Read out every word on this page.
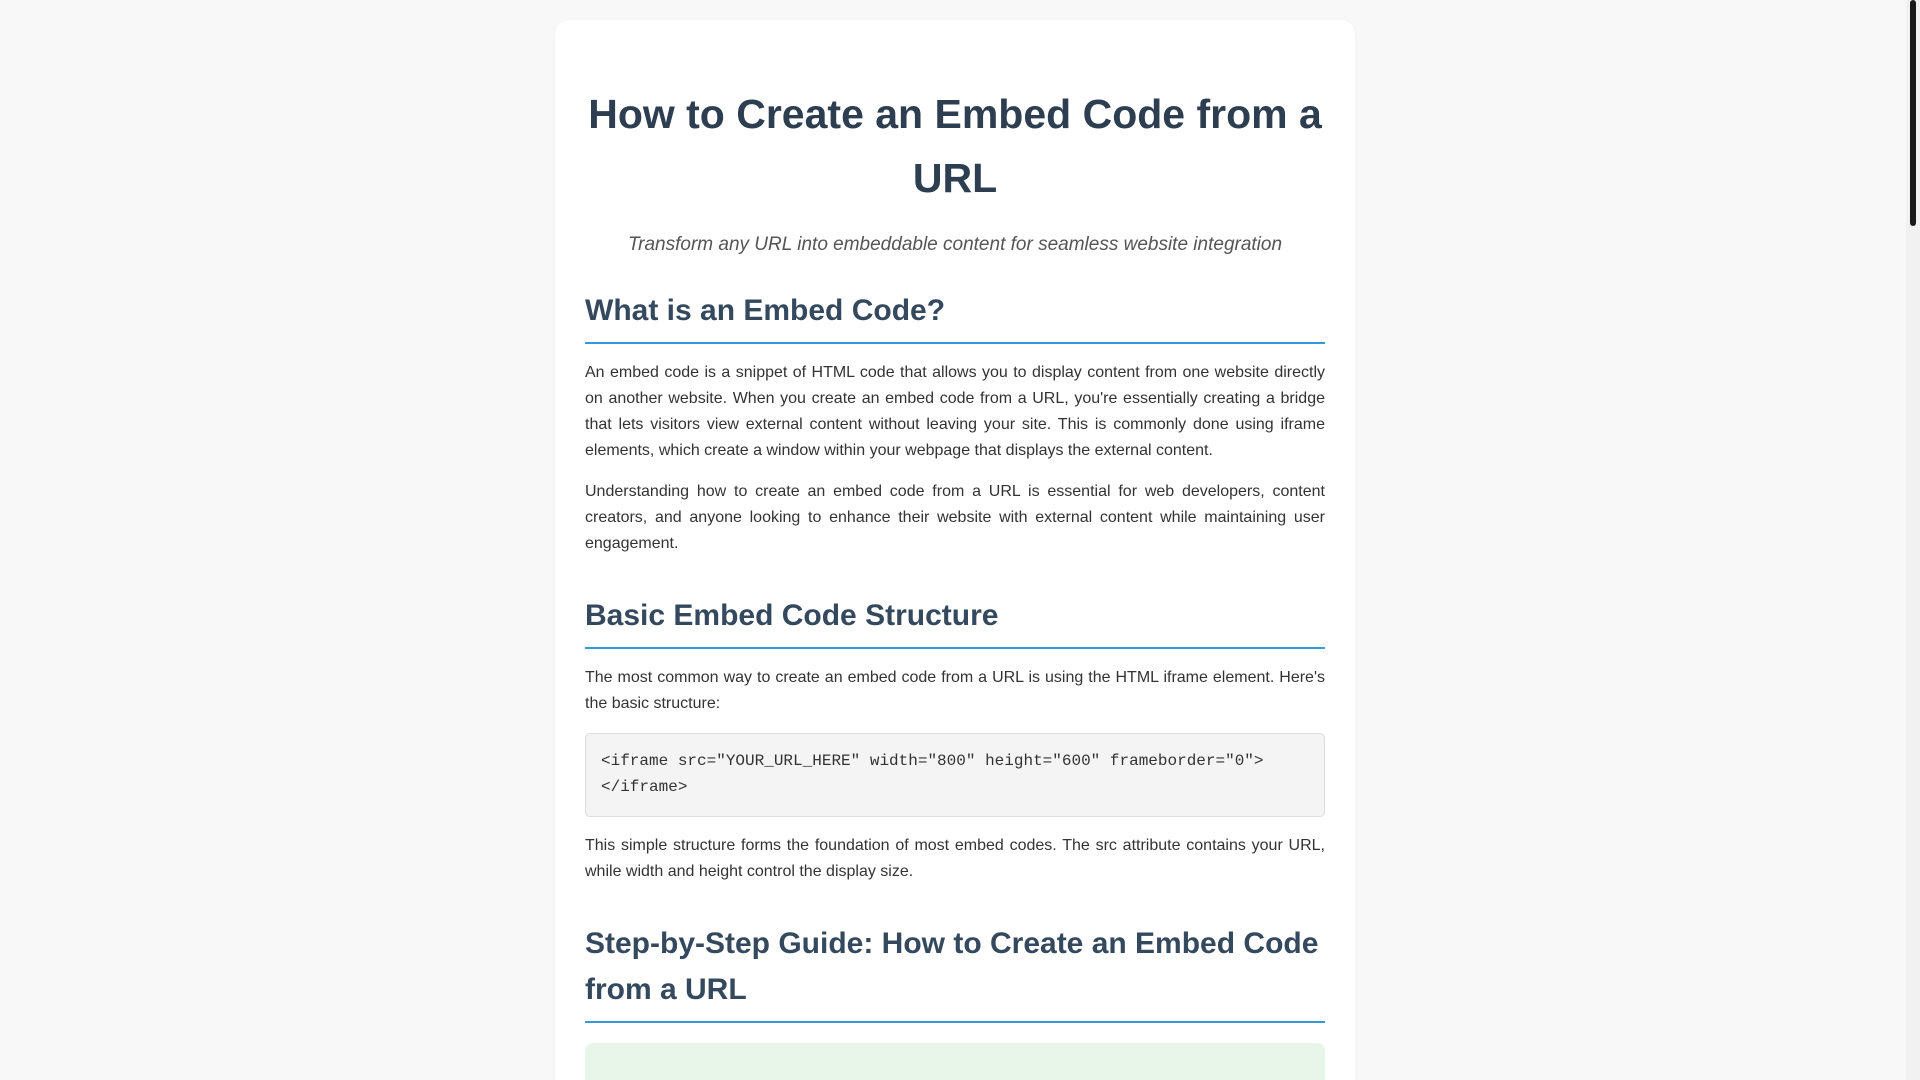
How to Create an Embed Code from a URL
Transform any URL into embeddable content for seamless website integration
What is an Embed Code?

An embed code is a snippet of HTML code that allows you to display content from one website directly on another website. When you create an embed code from a URL, you're essentially creating a bridge that lets visitors view external content without leaving your site. This is commonly done using iframe elements, which create a window within your webpage that displays the external content.

Understanding how to create an embed code from a URL is essential for web developers, content creators, and anyone looking to enhance their website with external content while maintaining user engagement.

Basic Embed Code Structure

The most common way to create an embed code from a URL is using the HTML iframe element. Here's the basic structure:

<iframe src="YOUR_URL_HERE" width="800" height="600" frameborder="0"></iframe>

This simple structure forms the foundation of most embed codes. The src attribute contains your URL, while width and height control the display size.

Step-by-Step Guide: How to Create an Embed Code from a URL
